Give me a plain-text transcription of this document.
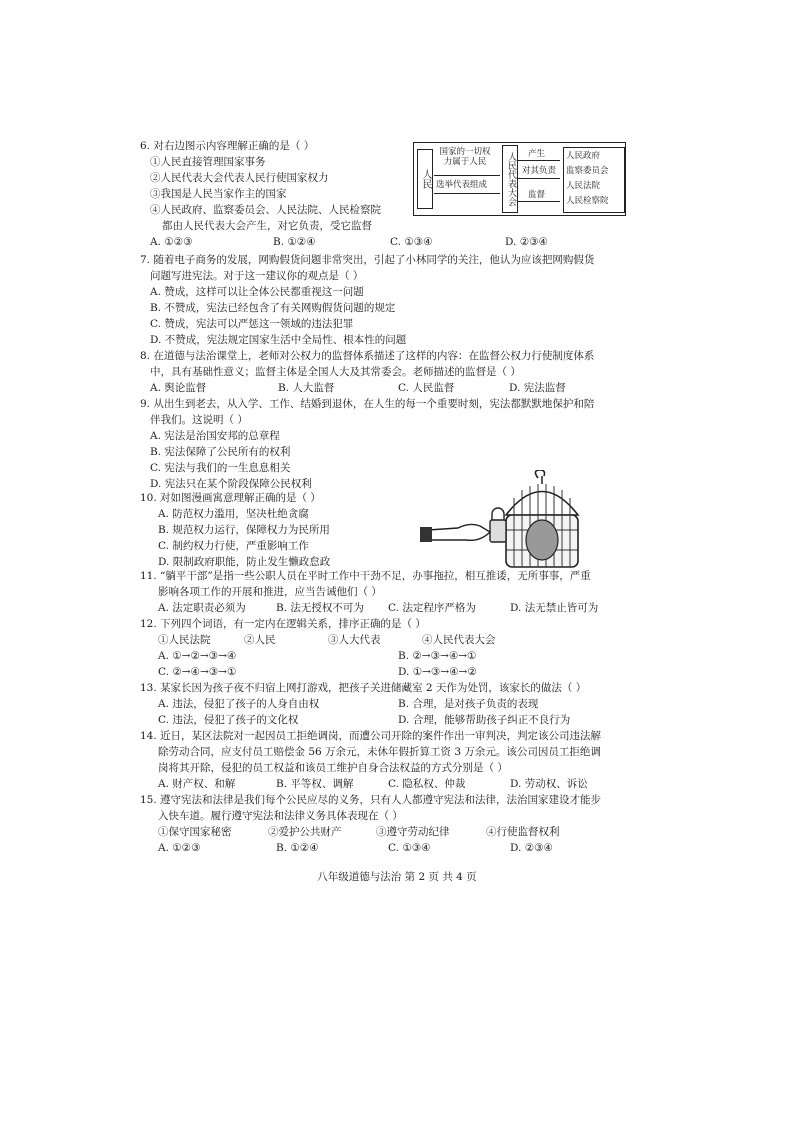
6. 对右边图示内容理解正确的是（ ）
①人民直接管理国家事务
②人民代表大会代表人民行使国家权力
③我国是人民当家作主的国家
④人民政府、监察委员会、人民法院、人民检察院
都由人民代表大会产生，对它负责，受它监督
A. ①②③	B. ①②④	C. ①③④	D. ②③④
人民
国家的一切权力属于人民
选举代表组成	人民代表大会 产生
对其负责
监督
人民政府
监察委员会
人民法院
人民检察院
7. 随着电子商务的发展，网购假货问题非常突出，引起了小林同学的关注，他认为应该把网购假货
问题写进宪法。对于这一建议你的观点是（ ）
A. 赞成，这样可以让全体公民都重视这一问题
B. 不赞成，宪法已经包含了有关网购假货问题的规定
C. 赞成，宪法可以严惩这一领域的违法犯罪
D. 不赞成，宪法规定国家生活中全局性、根本性的问题
8. 在道德与法治课堂上，老师对公权力的监督体系描述了这样的内容：在监督公权力行使制度体系
中，具有基础性意义；监督主体是全国人大及其常委会。老师描述的监督是（ ）
A. 舆论监督	B. 人大监督	C. 人民监督	D. 宪法监督
9. 从出生到老去，从入学、工作、结婚到退休，在人生的每一个重要时刻，宪法都默默地保护和陪
伴我们。这说明（ ）
A. 宪法是治国安邦的总章程
B. 宪法保障了公民所有的权利
C. 宪法与我们的一生息息相关
D. 宪法只在某个阶段保障公民权利
10. 对如图漫画寓意理解正确的是（ ）
A. 防范权力滥用，坚决杜绝贪腐
B. 规范权力运行，保障权力为民所用
C. 制约权力行使，严重影响工作
D. 限制政府职能，防止发生懒政怠政
11. “躺平干部”是指一些公职人员在平时工作中干劲不足，办事拖拉，相互推诿，无所事事，严重
影响各项工作的开展和推进，应当告诫他们（ ）
A. 法定职责必须为	B. 法无授权不可为	C. 法定程序严格为	D. 法无禁止皆可为
12. 下列四个词语，有一定内在逻辑关系，排序正确的是（ ）
①人民法院	②人民	③人大代表	④人民代表大会
A. ①→②→③→④	B. ②→③→④→①
C. ②→④→③→①	D. ①→③→④→②
13. 某家长因为孩子夜不归宿上网打游戏，把孩子关进储藏室 2 天作为处罚，该家长的做法（ ）
A. 违法，侵犯了孩子的人身自由权	B. 合理，是对孩子负责的表现
C. 违法，侵犯了孩子的文化权	D. 合理，能够帮助孩子纠正不良行为
14. 近日，某区法院对一起因员工拒绝调岗，而遭公司开除的案件作出一审判决，判定该公司违法解
除劳动合同，应支付员工赔偿金 56 万余元，未休年假折算工资 3 万余元。该公司因员工拒绝调
岗将其开除，侵犯的员工权益和该员工维护自身合法权益的方式分别是（ ）
A. 财产权、和解	B. 平等权、调解	C. 隐私权、仲裁	D. 劳动权、诉讼
15. 遵守宪法和法律是我们每个公民应尽的义务，只有人人都遵守宪法和法律，法治国家建设才能步
入快车道。履行遵守宪法和法律义务具体表现在（ ）
①保守国家秘密	②爱护公共财产	③遵守劳动纪律	④行使监督权利
A. ①②③	B. ①②④	C. ①③④	D. ②③④
八年级道德与法治 第 2 页 共 4 页
